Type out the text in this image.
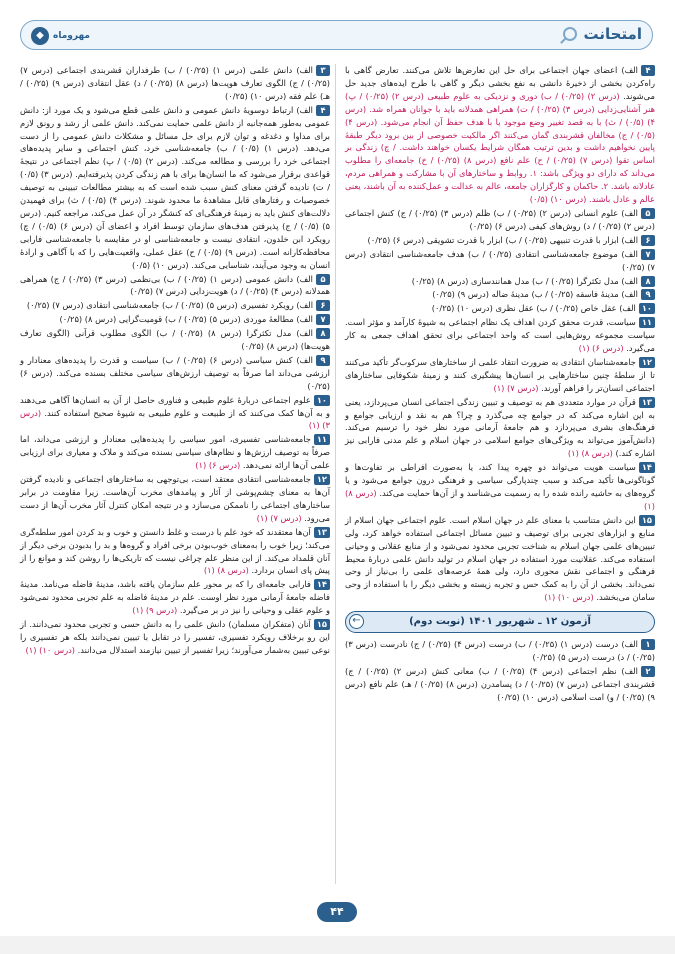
امتحانت
◆	مهروماه
۴الف) اعضای جهان اجتماعی برای حل این تعارض‌ها تلاش می‌کنند. تعارض گاهی با راه‌کردن بخشی از ذخیرهٔ دانشی به نفع بخشی دیگر و گاهی با طرح ایده‌های جدید حل می‌شوند. (درس ۲) (۰/۲۵) / ب) دوری و نزدیکی به علوم طبیعی (درس ۲) (۰/۲۵) / پ) هنر آشنایی‌زدایی (درس ۳) (۰/۲۵) / ت) همراهی همدلانه باید با جوانان همراه شد. (درس ۴) (۰/۵) / ث) با به قصد تغییر وضع موجود یا با هدف حفظ آن انجام می‌شود. (درس ۴) (۰/۵) / ج) مخالفان قشربندی گمان می‌کنند اگر مالکیت خصوصی از بین برود دیگر طبقهٔ پایین نخواهیم داشت و بدین ترتیب همگان شرایط یکسان خواهند داشت. / چ) زندگی بر اساس تقوا (درس ۷) (۰/۲۵) / ح) علم نافع (درس ۸) (۰/۲۵) / خ) جامعه‌ای را مطلوب می‌داند که دارای دو ویژگی باشد: ۱. روابط و ساختارهای آن با مشارکت و همراهی مردم، عادلانه باشد. ۲. حاکمان و کارگزاران جامعه، عالم به عدالت و عمل‌کننده به آن باشند، یعنی عالم و عادل باشند. (درس ۱۰) (۰/۵)
۵الف) علوم انسانی (درس ۲) (۰/۲۵) / ب) ظلم (درس ۳) (۰/۲۵) / ج) کنش اجتماعی (درس ۲) (۰/۲۵) / د) روش‌های کیفی (درس ۶) (۰/۲۵)
۶الف) ابزار با قدرت تنبیهی (۰/۲۵) / ب) ابزار با قدرت تشویقی (درس ۶) (۰/۲۵)
۷الف) موضوع جامعه‌شناسی انتقادی (۰/۲۵) / ب) هدف جامعه‌شناسی انتقادی (درس ۷) (۰/۲۵)
۸الف) مدل تکثرگرا (۰/۲۵) / ب) مدل همانندسازی (درس ۸) (۰/۲۵)
۹الف) مدینهٔ فاسقه (۰/۲۵) / ب) مدینهٔ ضاله (درس ۹) (۰/۲۵)
۱۰الف) عقل خاص (۰/۲۵) / ب) عقل نظری (درس ۱۰) (۰/۲۵)
۱۱سیاست، قدرت محقق کردن اهداف یک نظام اجتماعی به شیوهٔ کارآمد و مؤثر است. سیاست مجموعه روش‌هایی است که واحد اجتماعی برای تحقق اهداف جمعی به کار می‌گیرد. (درس ۶) (۱)
۱۲جامعه‌شناسان انتقادی به ضرورت انتقاد علمی از ساختارهای سرکوب‌گر تأکید می‌کنند تا از سلطهٔ چنین ساختارهایی بر انسان‌ها پیشگیری کنند و زمینهٔ شکوفایی ساختارهای اجتماعی انسان‌تر را فراهم آورند. (درس ۷) (۱)
۱۳قرآن در موارد متعددی هم به توصیف و تبیین زندگی اجتماعی انسان می‌پردازد، یعنی به این اشاره می‌کند که در جوامع چه می‌گذرد و چرا؟ هم به نقد و ارزیابی جوامع و فرهنگ‌های بشری می‌پردازد و هم جامعهٔ آرمانی مورد نظر خود را ترسیم می‌کند. (دانش‌آموز می‌تواند به ویژگی‌های جوامع اسلامی در جهان اسلام و علم مدنی فارابی نیز اشاره کند.) (درس ۸) (۱)
۱۴سیاست هویت می‌تواند دو چهره پیدا کند، یا به‌صورت افراطی بر تفاوت‌ها و گوناگونی‌ها تأکید می‌کند و سبب چندپارگی سیاسی و فرهنگی درون جوامع می‌شود و یا گروه‌های به حاشیه رانده شده را به رسمیت می‌شناسد و از آن‌ها حمایت می‌کند. (درس ۸) (۱)
۱۵این دانش متناسب با معنای علم در جهان اسلام است. علوم اجتماعی جهان اسلام از منابع و ابزارهای تجربی برای توصیف و تبیین مسائل اجتماعی استفاده خواهد کرد، ولی تبیین‌های علمی جهان اسلام به شناخت تجربی محدود نمی‌شود و از منابع عقلانی و وحیانی استفاده می‌کند. عقلانیت مورد استفاده در جهان اسلام در تولید دانش علمی دربارهٔ محیط فرهنگی و اجتماعی نقش محوری دارد، ولی همهٔ عرصه‌های علمی را بی‌نیاز از وحی نمی‌داند. بخشی از آن را به کمک حس و تجربه زیسته و بخشی دیگر را با استفاده از وحی سامان می‌بخشد. (درس ۱۰) (۱)
←	آزمون ۱۲ ـ شهریور ۱۴۰۱ (نوبت دوم)
۱الف) درست (درس ۱) (۰/۲۵) / ب) درست (درس ۴) (۰/۲۵) / ج) نادرست (درس ۳) (۰/۲۵) / د) درست (درس ۵) (۰/۲۵)
۲الف) نظم اجتماعی (درس ۴) (۰/۲۵) / ب) معانی کنش (درس ۲) (۰/۲۵) / ج) قشربندی اجتماعی (درس ۷) (۰/۲۵) / د) پسامدرن (درس ۸) (۰/۲۵) / هـ) علم نافع (درس ۹) (۰/۲۵) / و) امت اسلامی (درس ۱۰) (۰/۲۵)
۳الف) دانش علمی (درس ۱) (۰/۲۵) / ب) طرفداران قشربندی اجتماعی (درس ۷) (۰/۲۵) / ج) الگوی تعارف هویت‌ها (درس ۸) (۰/۲۵) / د) عقل انتقادی (درس ۹) (۰/۲۵) / هـ) علم فقه (درس ۱۰) (۰/۲۵)
۴الف) ارتباط دوسویهٔ دانش عمومی و دانش علمی قطع می‌شود و یک مورد از: دانش عمومی به‌طور همه‌جانبه از دانش علمی حمایت نمی‌کند. دانش علمی از رشد و رونق لازم برای مداوا و دغدغه و توان لازم برای حل مسائل و مشکلات دانش عمومی را از دست می‌دهد. (درس ۱) (۰/۵) / ب) جامعه‌شناسی خرد، کنش اجتماعی و سایر پدیده‌های اجتماعی خرد را بررسی و مطالعه می‌کند. (درس ۲) (۰/۵) / پ) نظم اجتماعی در نتیجهٔ قواعدی برقرار می‌شود که ما انسان‌ها برای با هم زندگی کردن پذیرفته‌ایم. (درس ۳) (۰/۵) / ت) نادیده گرفتن معنای کنش سبب شده است که به بیشتر مطالعات تبیینی به توصیف خصوصیات و رفتارهای قابل مشاهدهٔ ما محدود شوند. (درس ۴) (۰/۵) / ث) برای فهمیدن دلالت‌های کنش باید به زمینهٔ فرهنگی‌ای که کنشگر در آن عمل می‌کند، مراجعه کنیم. (درس ۵) (۰/۵) / ج) پذیرفتن هدف‌های سازمان توسط افراد و اعضای آن (درس ۶) (۰/۵) / چ) رویکرد ابن خلدون، انتقادی نیست و جامعه‌شناسی او در مقایسه با جامعه‌شناسی فارابی محافظه‌کارانه است. (درس ۹) (۰/۵) / ح) عقل عملی، واقعیت‌هایی را که با آگاهی و ارادهٔ انسان به وجود می‌آیند، شناسایی می‌کند. (درس ۱۰) (۰/۵)
۵الف) دانش عمومی (درس ۱) (۰/۲۵) / ب) بی‌نظمی (درس ۳) (۰/۲۵) / ج) همراهی همدلانه (درس ۴) (۰/۲۵) / د) هویت‌زدایی (درس ۷) (۰/۲۵)
۶الف) رویکرد تفسیری (درس ۵) (۰/۲۵) / ب) جامعه‌شناسی انتقادی (درس ۷) (۰/۲۵)
۷الف) مطالعهٔ موردی (درس ۵) (۰/۲۵) / ب) قومیت‌گرایی (درس ۸) (۰/۲۵)
۸الف) مدل تکثرگرا (درس ۸) (۰/۲۵) / ب) الگوی مطلوب قرآنی (الگوی تعارف هویت‌ها) (درس ۸) (۰/۲۵)
۹الف) کنش سیاسی (درس ۶) (۰/۲۵) / ب) سیاست و قدرت را پدیده‌های معنادار و ارزشی می‌داند اما صرفاً به توصیف ارزش‌های سیاسی مختلف بسنده می‌کند. (درس ۶) (۰/۲۵)
۱۰علوم اجتماعی دربارهٔ علوم طبیعی و فناوری حاصل از آن به انسان‌ها آگاهی می‌دهند و به آن‌ها کمک می‌کنند که از طبیعت و علوم طبیعی به شیوهٔ صحیح استفاده کنند. (درس ۳) (۱)
۱۱جامعه‌شناسی تفسیری، امور سیاسی را پدیده‌هایی معنادار و ارزشی می‌داند، اما صرفاً به توصیف ارزش‌ها و نظام‌های سیاسی بسنده می‌کند و ملاک و معیاری برای ارزیابی علمی آن‌ها ارائه نمی‌دهد. (درس ۶) (۱)
۱۲جامعه‌شناسی انتقادی معتقد است، بی‌توجهی به ساختارهای اجتماعی و نادیده گرفتن آن‌ها به معنای چشم‌پوشی از آثار و پیامدهای مخرب آن‌هاست. زیرا مقاومت در برابر ساختارهای اجتماعی را ناممکن می‌سازد و در نتیجه امکان کنترل آثار مخرب آن‌ها از دست می‌رود. (درس ۷) (۱)
۱۳آن‌ها معتقدند که خود علم با درست و غلط دانستن و خوب و بد کردن امور سلطه‌گری می‌کند؛ زیرا خوب را به‌معنای خوب‌بودن برخی افراد و گروه‌ها و بد را بدبودن برخی دیگر از آنان قلمداد می‌کند. از این منظر علم چراغی نیست که تاریکی‌ها را روشن کند و موانع را از پیش پای انسان بردارد. (درس ۸) (۱)
۱۴فارابی جامعه‌ای را که بر محور علم سازمان یافته باشد، مدینهٔ فاضله می‌نامد. مدینهٔ فاضله جامعهٔ آرمانی مورد نظر اوست. علم در مدینهٔ فاضله به علم تجربی محدود نمی‌شود و علوم عقلی و وحیانی را نیز در بر می‌گیرد. (درس ۹) (۱)
۱۵آنان (متفکران مسلمان) دانش علمی را به دانش حسی و تجربی محدود نمی‌دانند. از این رو برخلاف رویکرد تفسیری، تفسیر را در تقابل با تبیین نمی‌دانند بلکه هر تفسیری را نوعی تبیین به‌شمار می‌آورند؛ زیرا تفسیر از تبیین نیازمند استدلال می‌دانند. (درس ۱۰) (۱)
۴۴
